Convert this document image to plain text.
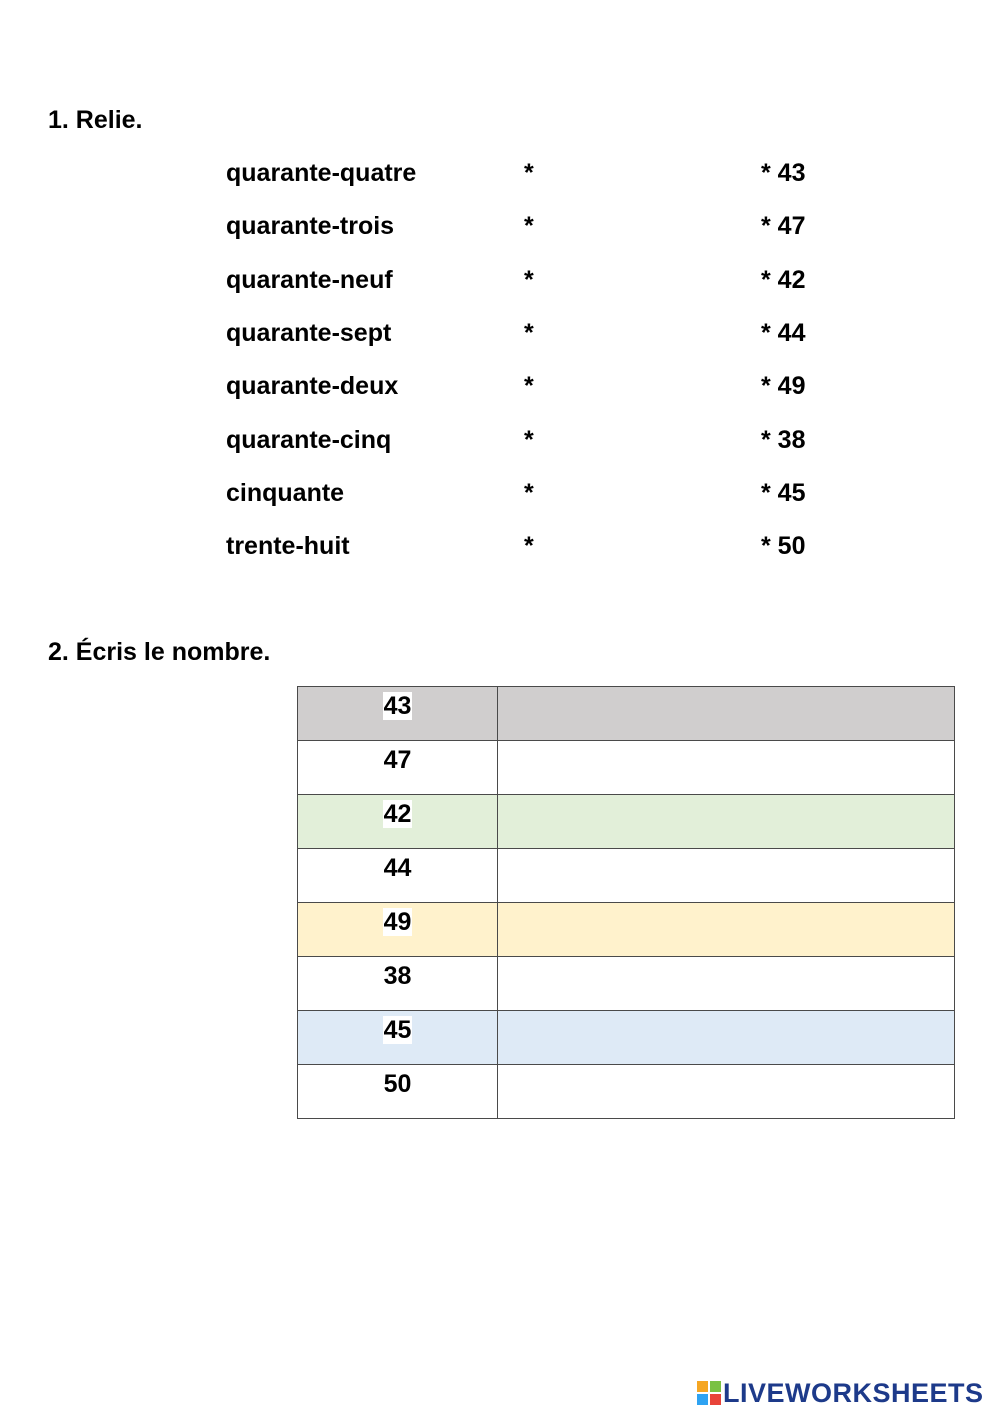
1. Relie.
quarante-quatre	*	* 43
quarante-trois	*	* 47
quarante-neuf	*	* 42
quarante-sept	*	* 44
quarante-deux	*	* 49
quarante-cinq	*	* 38
cinquante	*	* 45
trente-huit	*	* 50
2. Écris le nombre.
43	
47	
42	
44	
49	
38	
45	
50	
LIVEWORKSHEETS
